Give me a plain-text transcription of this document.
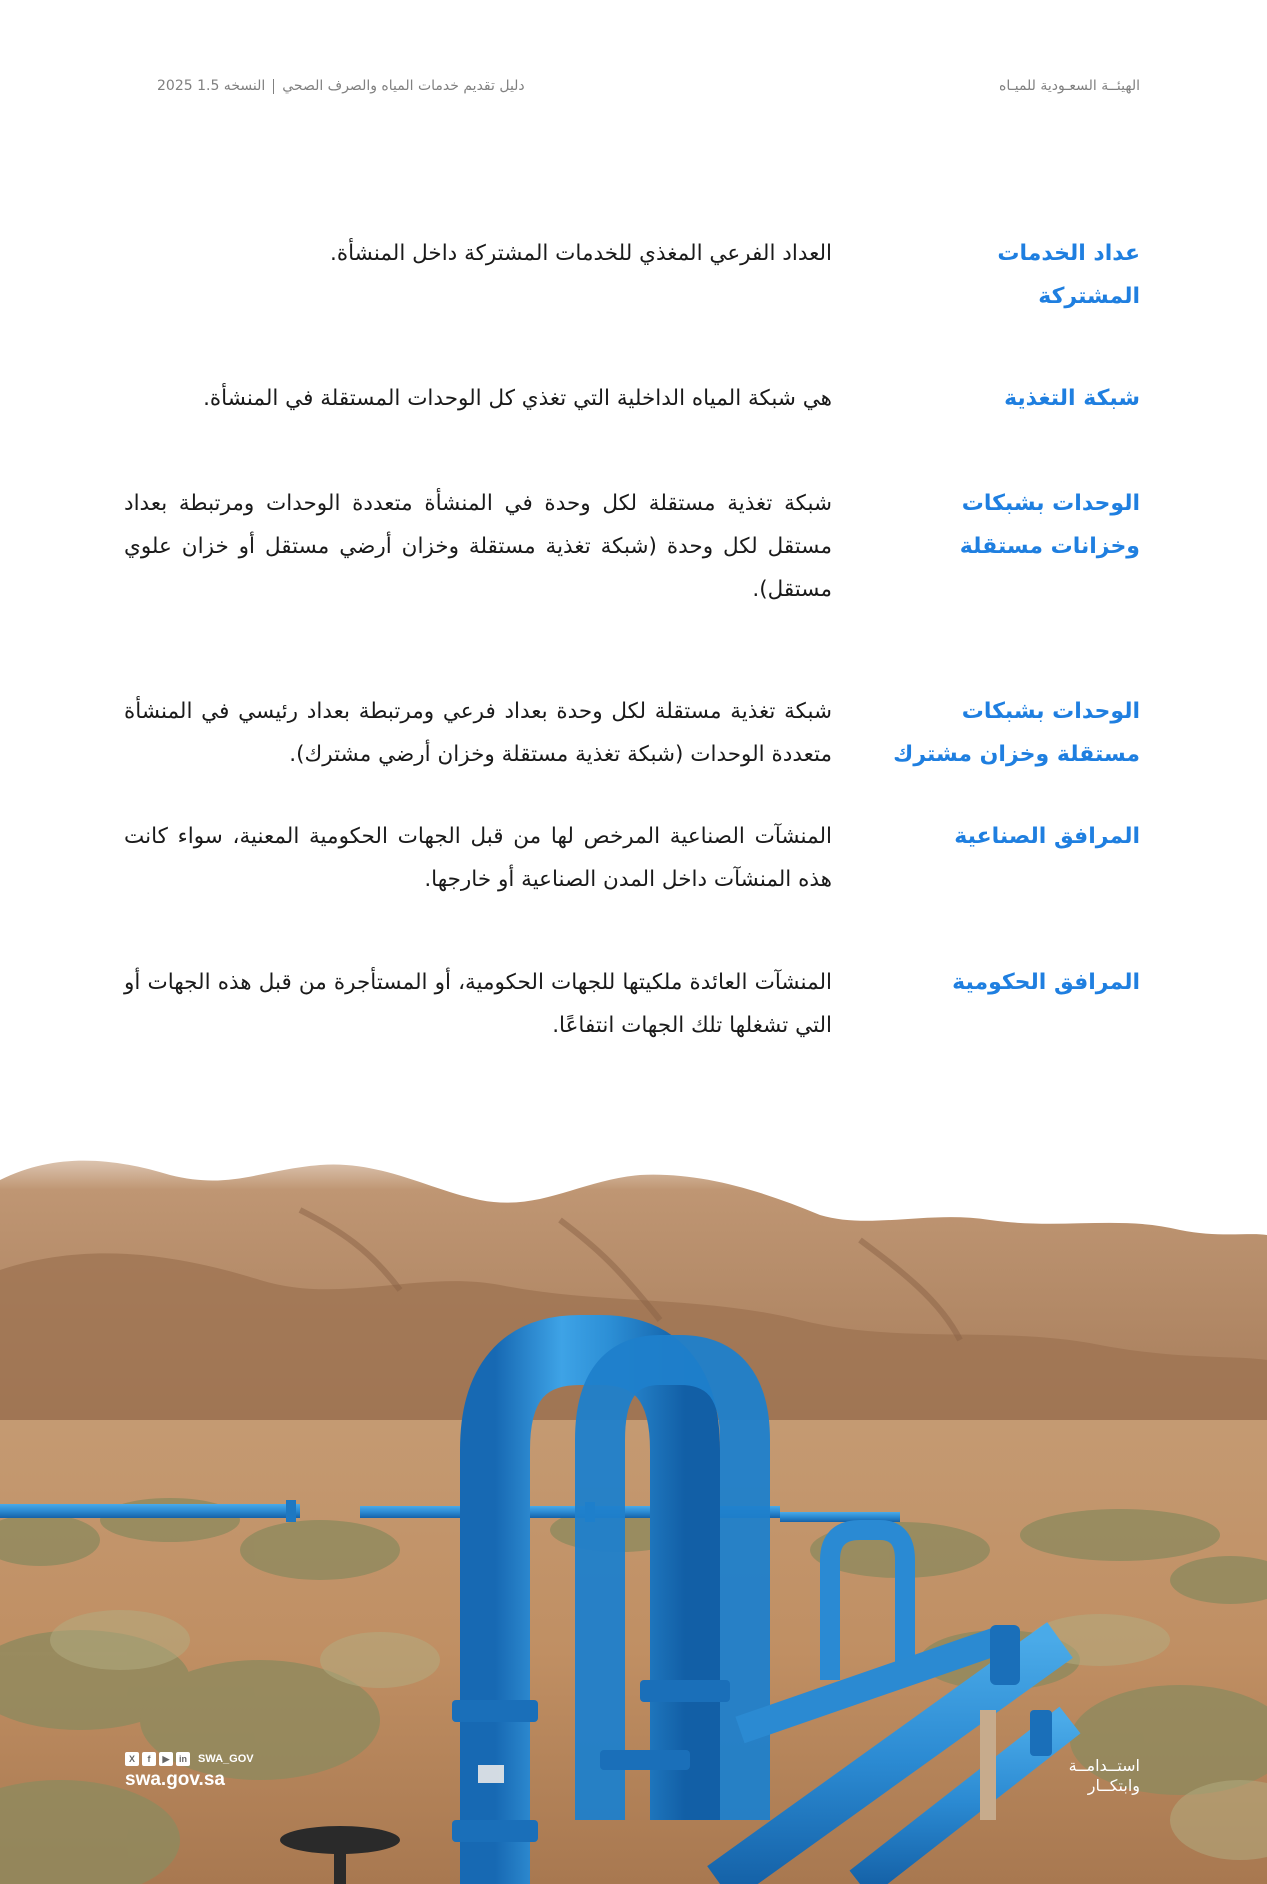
الهيئــة السعـودية للميـاه
دليل تقديم خدمات المياه والصرف الصحيالنسخه 1.5 2025
عداد الخدمات المشتركة
العداد الفرعي المغذي للخدمات المشتركة داخل المنشأة.
شبكة التغذية
هي شبكة المياه الداخلية التي تغذي كل الوحدات المستقلة في المنشأة.
الوحدات بشبكات وخزانات مستقلة
شبكة تغذية مستقلة لكل وحدة في المنشأة متعددة الوحدات ومرتبطة بعداد مستقل لكل وحدة (شبكة تغذية مستقلة وخزان أرضي مستقل أو خزان علوي مستقل).
الوحدات بشبكات مستقلة وخزان مشترك
شبكة تغذية مستقلة لكل وحدة بعداد فرعي ومرتبطة بعداد رئيسي في المنشأة متعددة الوحدات (شبكة تغذية مستقلة وخزان أرضي مشترك).
المرافق الصناعية
المنشآت الصناعية المرخص لها من قبل الجهات الحكومية المعنية، سواء كانت هذه المنشآت داخل المدن الصناعية أو خارجها.
المرافق الحكومية
المنشآت العائدة ملكيتها للجهات الحكومية، أو المستأجرة من قبل هذه الجهات أو التي تشغلها تلك الجهات انتفاعًا.
X	f	▶	in SWA_GOV
swa.gov.sa
استــدامــة
وابتكــار
